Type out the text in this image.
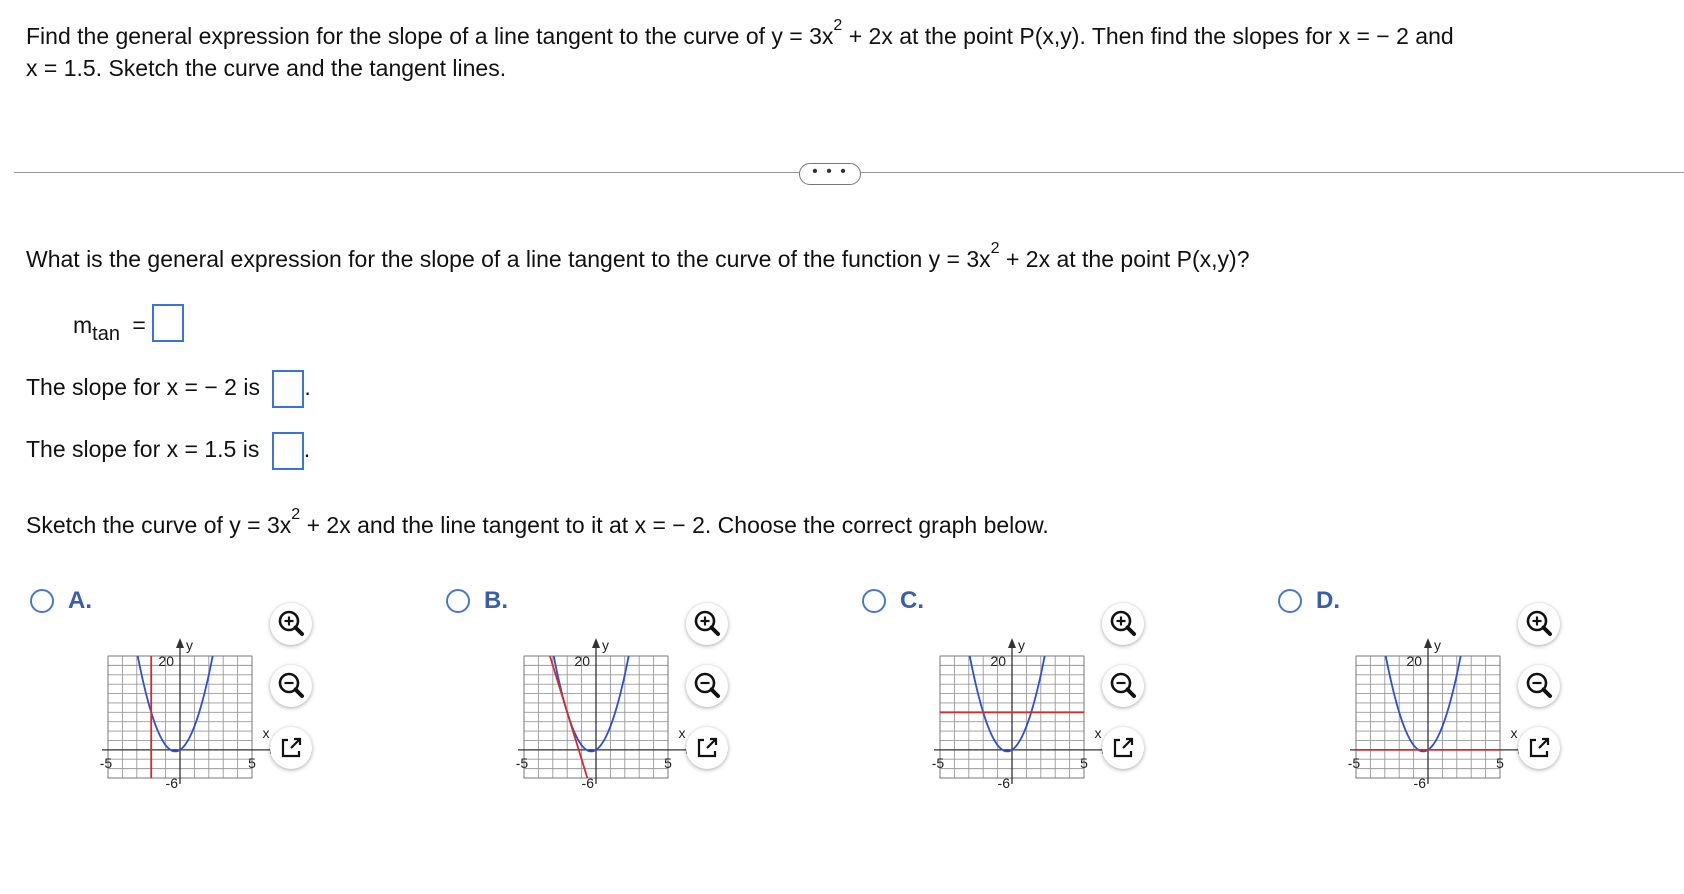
Find the general expression for the slope of a line tangent to the curve of $y = 3x^2 + 2x$ at the point P(x,y). Then find the slopes for x = − 2 and
x = 1.5. Sketch the curve and the tangent lines.
• • •
What is the general expression for the slope of a line tangent to the curve of the function $y = 3x^2 + 2x$ at the point P(x,y)?
mtan =
The slope for x = − 2 is .
The slope for x = 1.5 is .
Sketch the curve of $y = 3x^2 + 2x$ and the line tangent to it at x = − 2. Choose the correct graph below.
A.
y
x
20
-6
-5	5
B.
y
x
20
-6
-5	5
C.
y
x
20
-6
-5	5
D.
y
x
20
-6
-5	5
